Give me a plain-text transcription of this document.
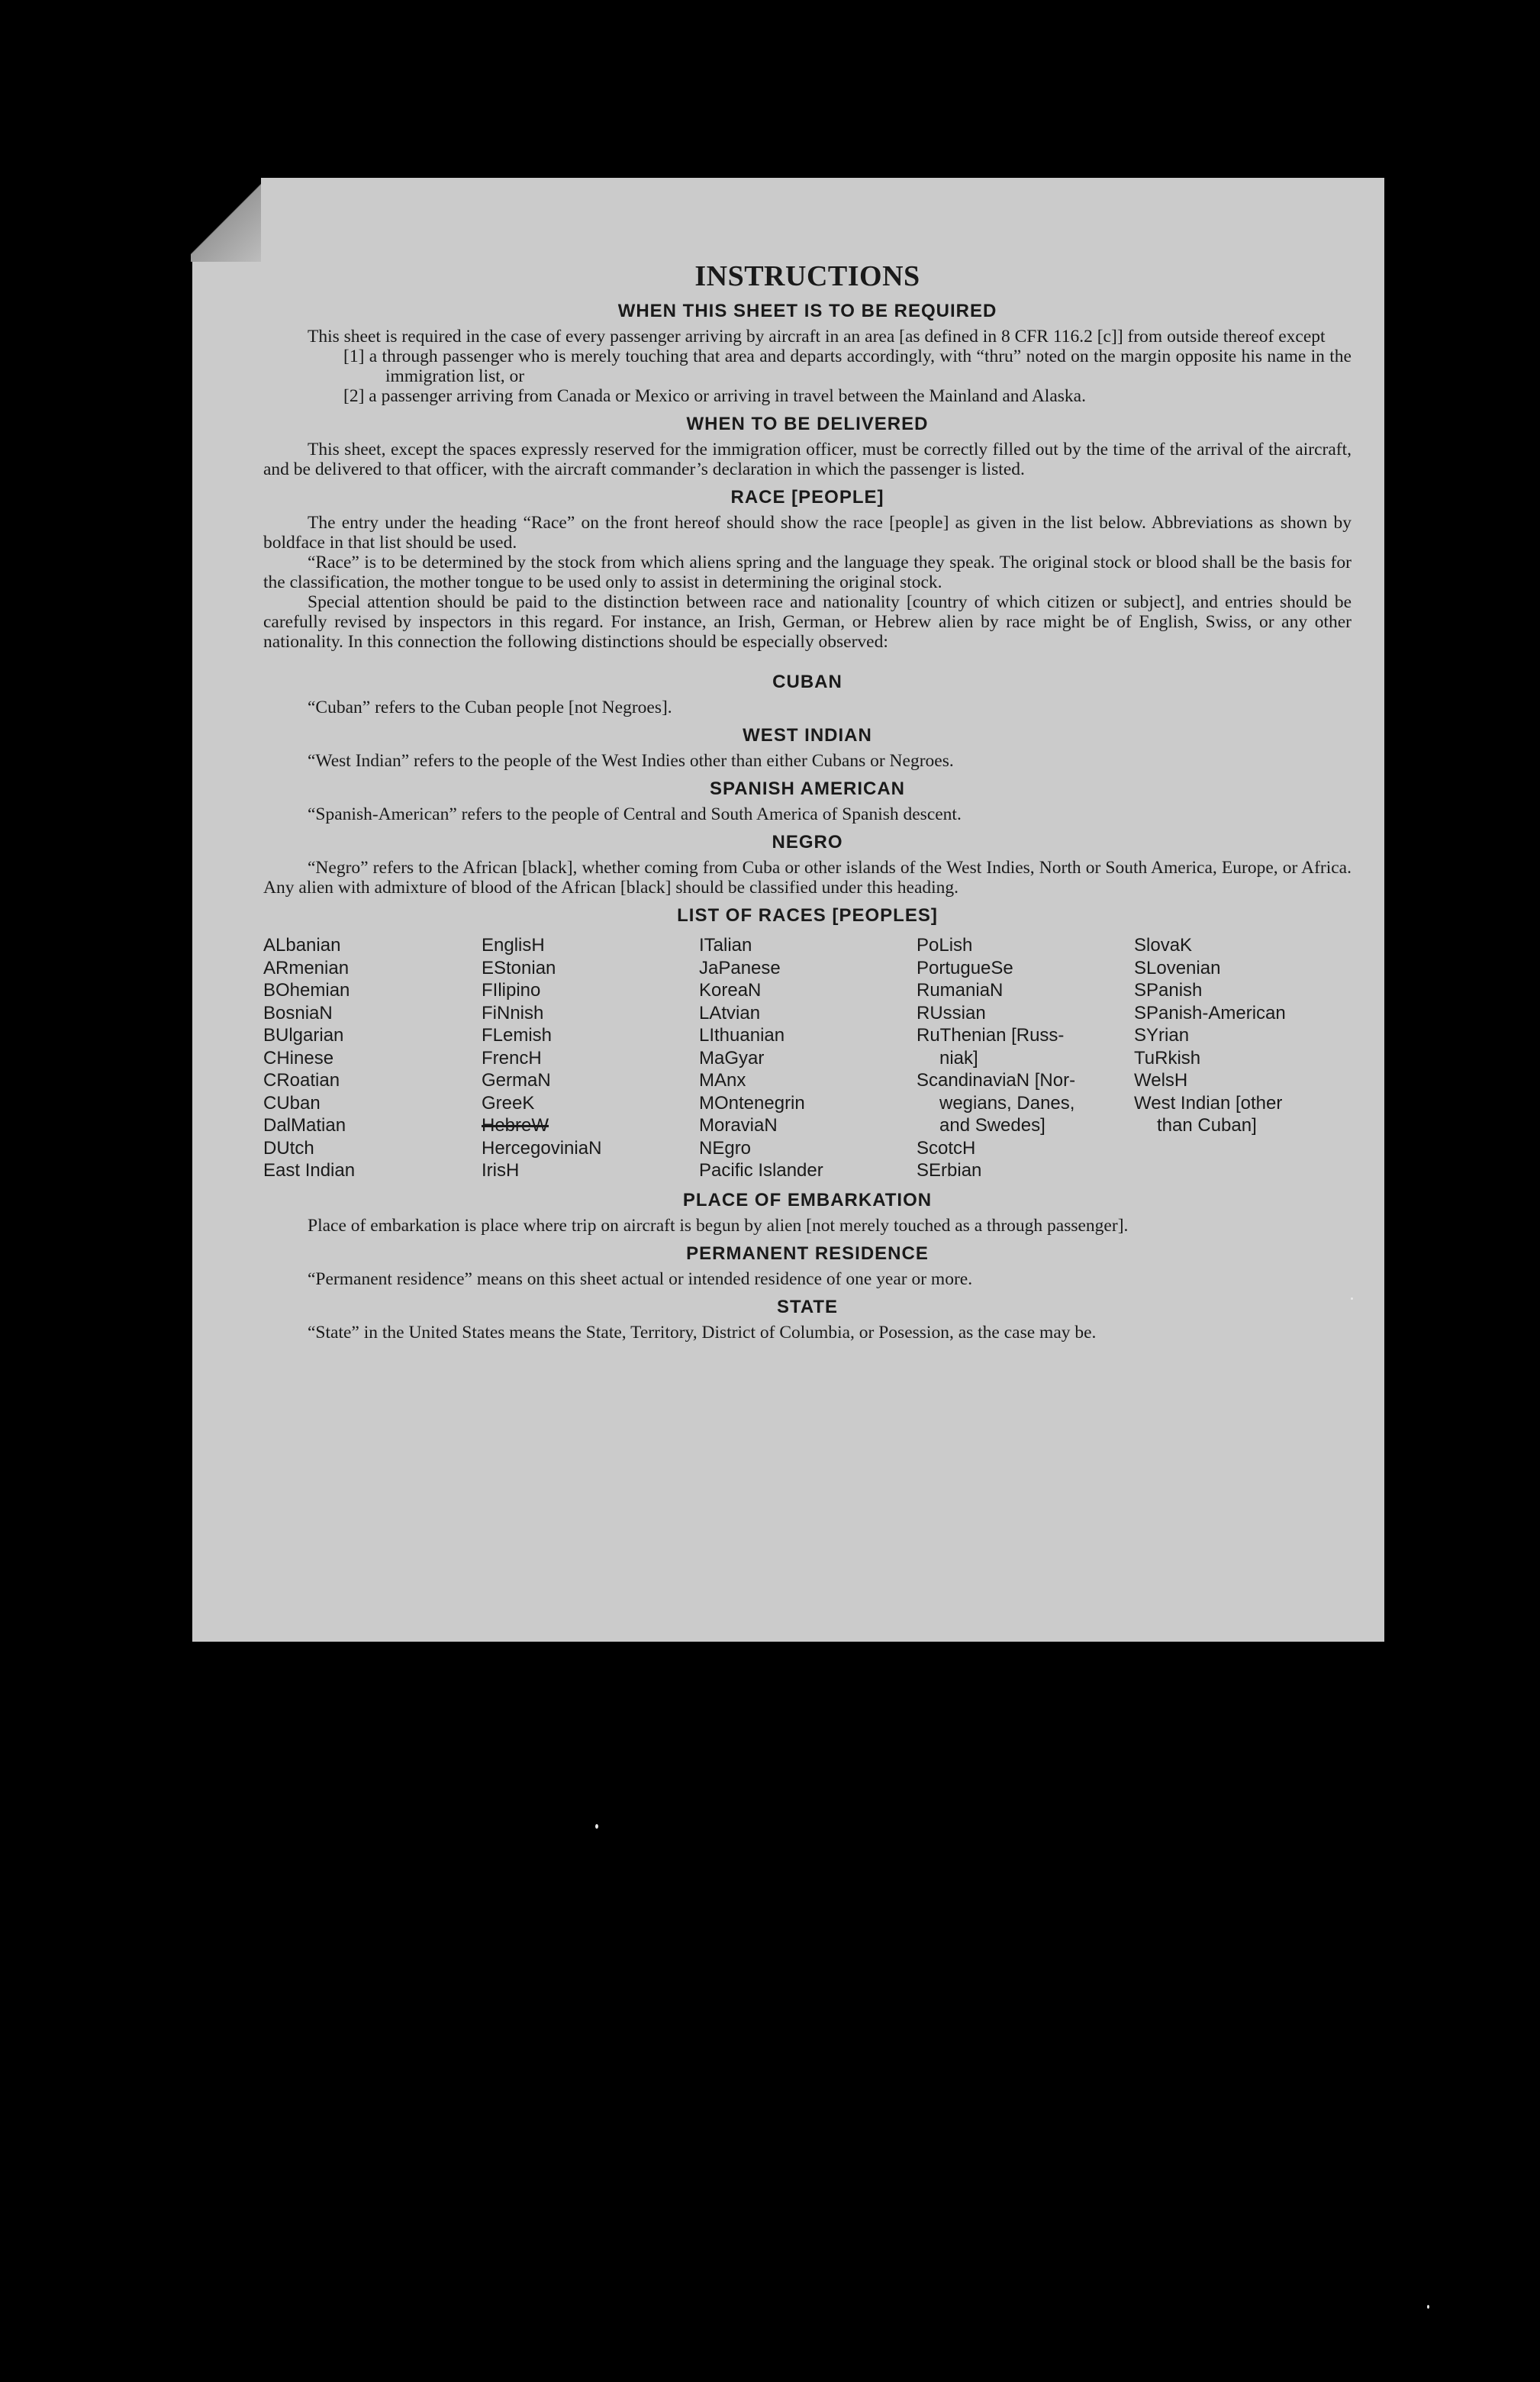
INSTRUCTIONS
WHEN THIS SHEET IS TO BE REQUIRED

This sheet is required in the case of every passenger arriving by aircraft in an area [as defined in 8 CFR 116.2 [c]] from outside thereof except

[1] a through passenger who is merely touching that area and departs accordingly, with “thru” noted on the margin opposite his name in the immigration list, or
[2] a passenger arriving from Canada or Mexico or arriving in travel between the Mainland and Alaska.
WHEN TO BE DELIVERED

This sheet, except the spaces expressly reserved for the immigration officer, must be correctly filled out by the time of the arrival of the aircraft, and be delivered to that officer, with the aircraft commander’s declaration in which the passenger is listed.

RACE [PEOPLE]

The entry under the heading “Race” on the front hereof should show the race [people] as given in the list below. Abbreviations as shown by boldface in that list should be used.

“Race” is to be determined by the stock from which aliens spring and the language they speak. The original stock or blood shall be the basis for the classification, the mother tongue to be used only to assist in determining the original stock.

Special attention should be paid to the distinction between race and nationality [country of which citizen or subject], and entries should be carefully revised by inspectors in this regard. For instance, an Irish, German, or Hebrew alien by race might be of English, Swiss, or any other nationality. In this connection the following distinctions should be especially observed:

CUBAN

“Cuban” refers to the Cuban people [not Negroes].

WEST INDIAN

“West Indian” refers to the people of the West Indies other than either Cubans or Negroes.

SPANISH AMERICAN

“Spanish-American” refers to the people of Central and South America of Spanish descent.

NEGRO

“Negro” refers to the African [black], whether coming from Cuba or other islands of the West Indies, North or South America, Europe, or Africa. Any alien with admixture of blood of the African [black] should be classified under this heading.

LIST OF RACES [PEOPLES]
ALbanian
ARmenian
BOhemian
BosniaN
BUlgarian
CHinese
CRoatian
CUban
DalMatian
DUtch
East Indian
EnglisH
EStonian
FIlipino
FiNnish
FLemish
FrencH
GermaN
GreeK
HebreW
HercegoviniaN
IrisH
ITalian
JaPanese
KoreaN
LAtvian
LIthuanian
MaGyar
MAnx
MOntenegrin
MoraviaN
NEgro
Pacific Islander
PoLish
PortugueSe
RumaniaN
RUssian
RuThenian [Russ-
niak]
ScandinaviaN [Nor-
wegians, Danes,
and Swedes]
ScotcH
SErbian
SlovaK
SLovenian
SPanish
SPanish-American
SYrian
TuRkish
WelsH
West Indian [other
than Cuban]
PLACE OF EMBARKATION

Place of embarkation is place where trip on aircraft is begun by alien [not merely touched as a through passenger].

PERMANENT RESIDENCE

“Permanent residence” means on this sheet actual or intended residence of one year or more.

STATE

“State” in the United States means the State, Territory, District of Columbia, or Posession, as the case may be.
